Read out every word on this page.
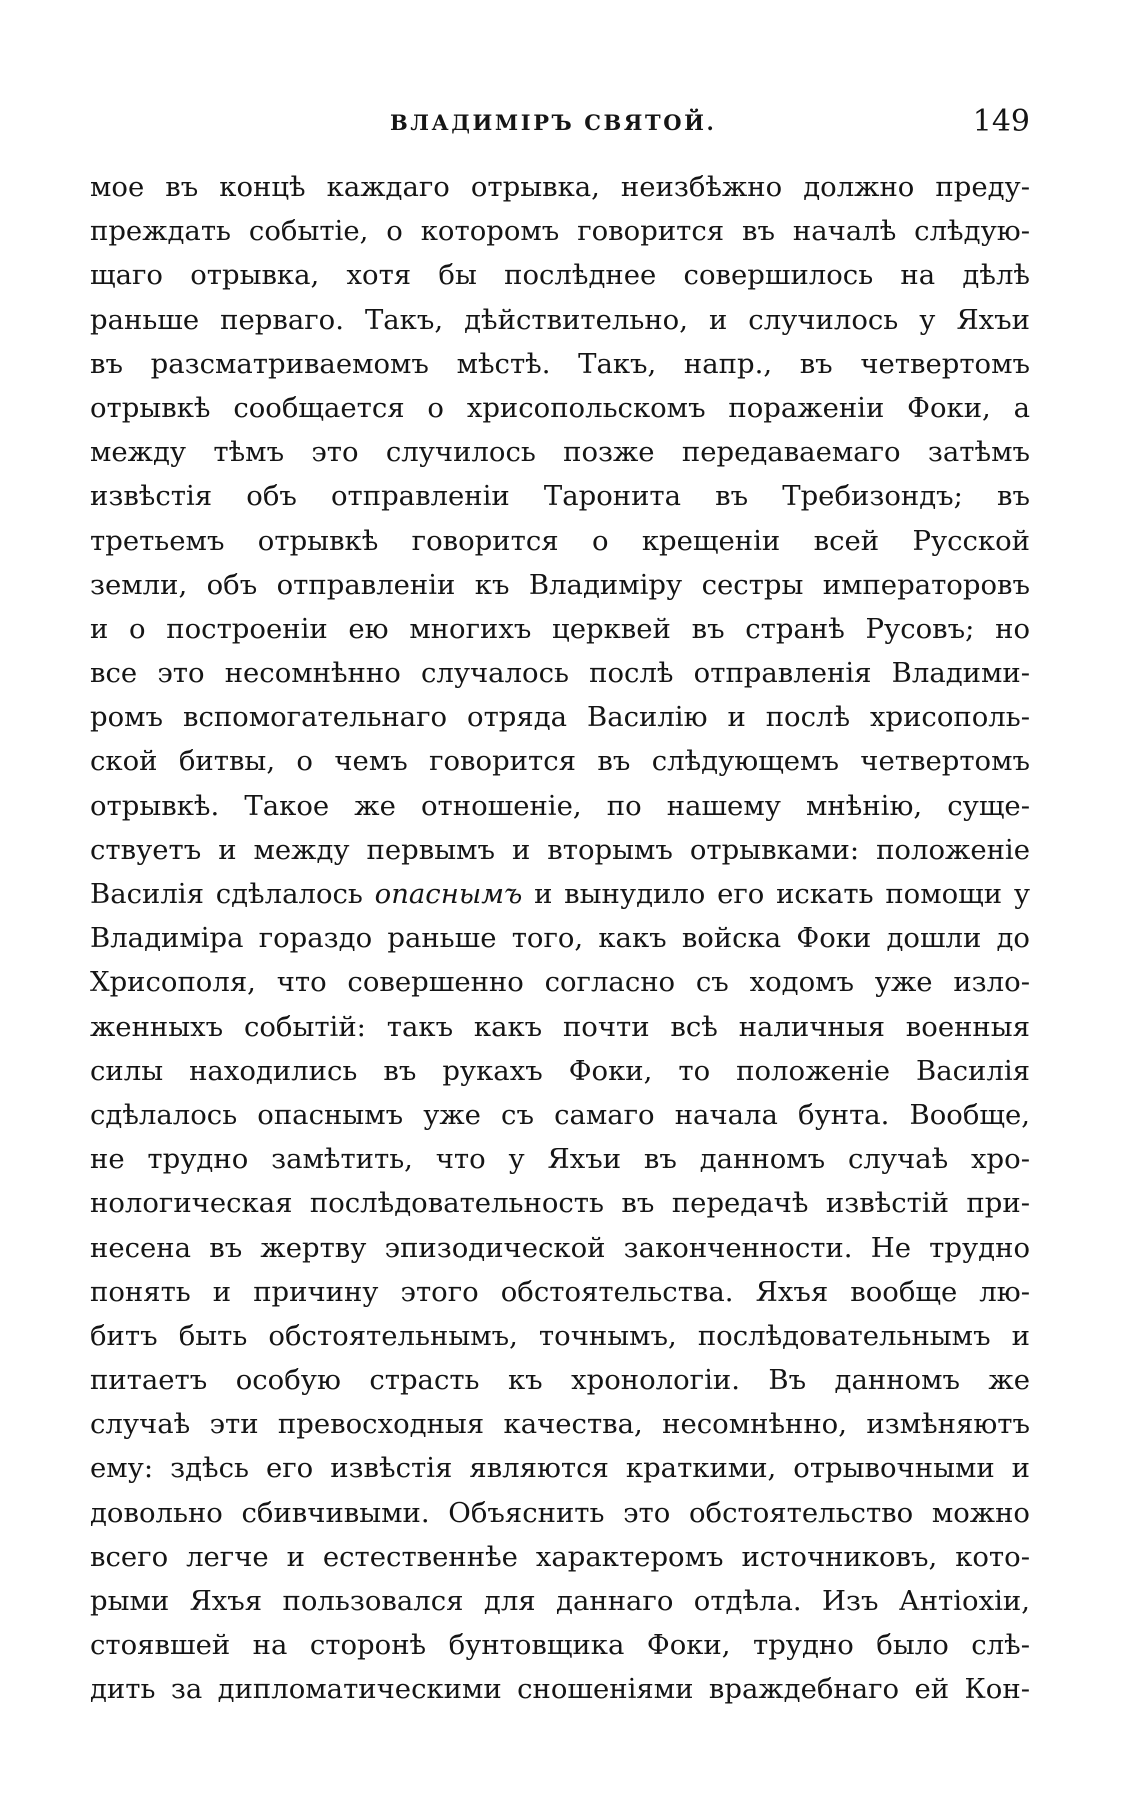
ВЛАДИМІРЪ СВЯТОЙ.	149
мое въ концѣ каждаго отрывка, неизбѣжно должно преду-
преждать событіе, о которомъ говорится въ началѣ слѣдую-
щаго отрывка, хотя бы послѣднее совершилось на дѣлѣ
раньше перваго. Такъ, дѣйствительно, и случилось у Яхъи
въ разсматриваемомъ мѣстѣ. Такъ, напр., въ четвертомъ
отрывкѣ сообщается о хрисопольскомъ пораженіи Фоки, а
между тѣмъ это случилось позже передаваемаго затѣмъ
извѣстія объ отправленіи Таронита въ Требизондъ; въ
третьемъ отрывкѣ говорится о крещеніи всей Русской
земли, объ отправленіи къ Владиміру сестры императоровъ
и о построеніи ею многихъ церквей въ странѣ Русовъ; но
все это несомнѣнно случалось послѣ отправленія Владими-
ромъ вспомогательнаго отряда Василію и послѣ хрисополь-
ской битвы, о чемъ говорится въ слѣдующемъ четвертомъ
отрывкѣ. Такое же отношеніе, по нашему мнѣнію, суще-
ствуетъ и между первымъ и вторымъ отрывками: положеніе
Василія сдѣлалось опаснымъ и вынудило его искать помощи у
Владиміра гораздо раньше того, какъ войска Фоки дошли до
Хрисополя, что совершенно согласно съ ходомъ уже изло-
женныхъ событій: такъ какъ почти всѣ наличныя военныя
силы находились въ рукахъ Фоки, то положеніе Василія
сдѣлалось опаснымъ уже съ самаго начала бунта. Вообще,
не трудно замѣтить, что у Яхъи въ данномъ случаѣ хро-
нологическая послѣдовательность въ передачѣ извѣстій при-
несена въ жертву эпизодической законченности. Не трудно
понять и причину этого обстоятельства. Яхъя вообще лю-
битъ быть обстоятельнымъ, точнымъ, послѣдовательнымъ и
питаетъ особую страсть къ хронологіи. Въ данномъ же
случаѣ эти превосходныя качества, несомнѣнно, измѣняютъ
ему: здѣсь его извѣстія являются краткими, отрывочными и
довольно сбивчивыми. Объяснить это обстоятельство можно
всего легче и естественнѣе характеромъ источниковъ, кото-
рыми Яхъя пользовался для даннаго отдѣла. Изъ Антіохіи,
стоявшей на сторонѣ бунтовщика Фоки, трудно было слѣ-
дить за дипломатическими сношеніями враждебнаго ей Кон-
